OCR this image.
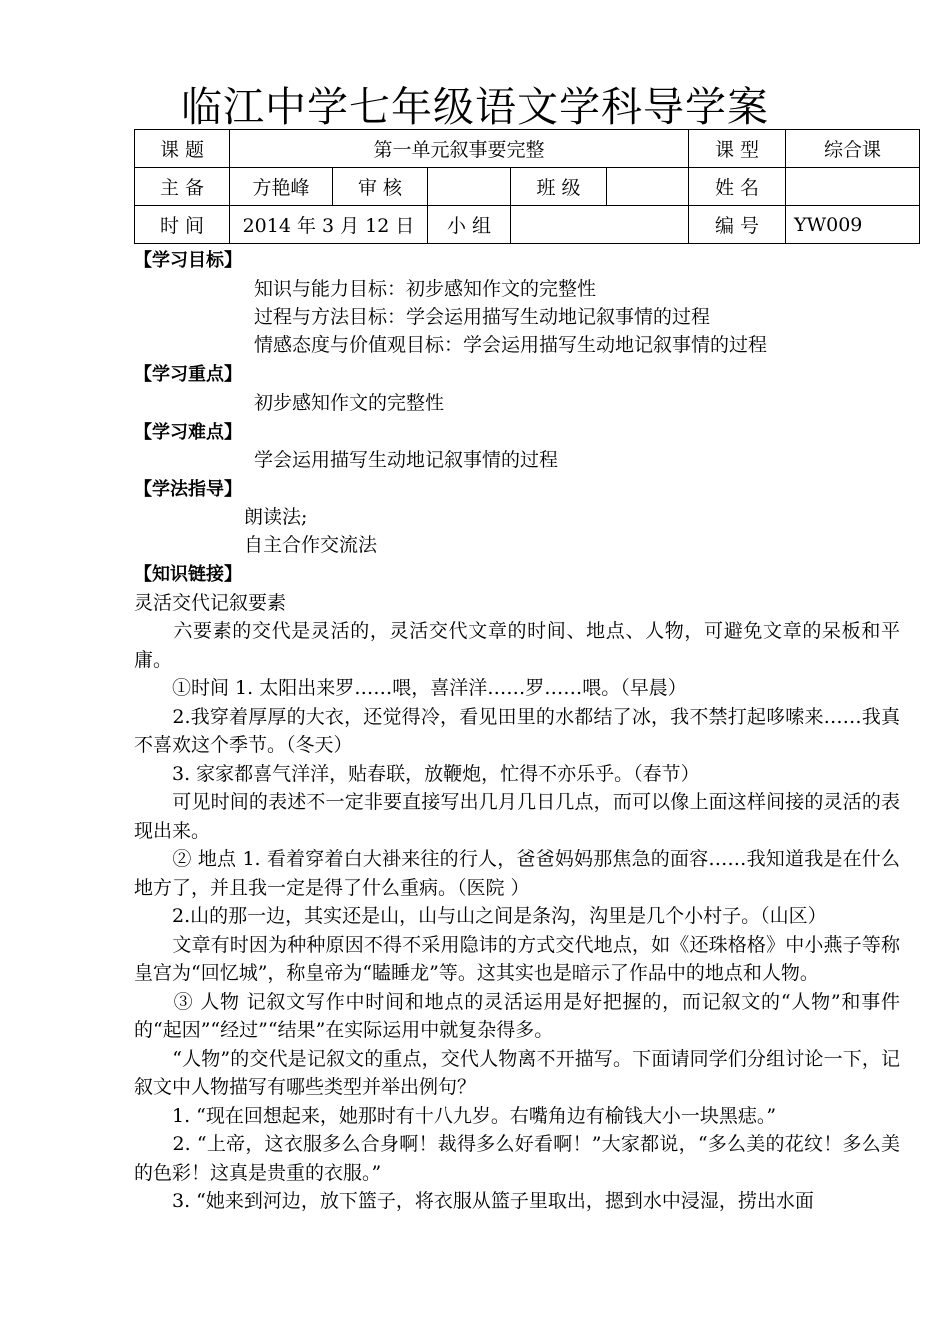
临江中学七年级语文学科导学案
课 题	第一单元叙事要完整					课 型	综合课
主 备	方艳峰	审 核		班 级		姓 名	
时 间	2014 年 3 月 12 日		小 组			编 号	YW009
【学习目标】
知识与能力目标：初步感知作文的完整性
过程与方法目标：学会运用描写生动地记叙事情的过程
情感态度与价值观目标：学会运用描写生动地记叙事情的过程
【学习重点】
初步感知作文的完整性
【学习难点】
学会运用描写生动地记叙事情的过程
【学法指导】
朗读法;
自主合作交流法
【知识链接】
灵活交代记叙要素

　　六要素的交代是灵活的，灵活交代文章的时间、地点、人物，可避免文章的呆板和平庸。

　　①时间 1. 太阳出来罗……喂，喜洋洋……罗……喂。（早晨）

　　2.我穿着厚厚的大衣，还觉得冷，看见田里的水都结了冰，我不禁打起哆嗦来……我真不喜欢这个季节。（冬天）

　　3. 家家都喜气洋洋，贴春联，放鞭炮，忙得不亦乐乎。（春节）

　　可见时间的表述不一定非要直接写出几月几日几点，而可以像上面这样间接的灵活的表现出来。

　　② 地点 1. 看着穿着白大褂来往的行人，爸爸妈妈那焦急的面容……我知道我是在什么地方了，并且我一定是得了什么重病。（医院 ）

　　2.山的那一边，其实还是山，山与山之间是条沟，沟里是几个小村子。（山区）

　　文章有时因为种种原因不得不采用隐讳的方式交代地点，如《还珠格格》中小燕子等称皇宫为“回忆城”，称皇帝为“瞌睡龙”等。这其实也是暗示了作品中的地点和人物。

　　③ 人物 记叙文写作中时间和地点的灵活运用是好把握的，而记叙文的“人物”和事件的“起因”“经过”“结果”在实际运用中就复杂得多。

　　“人物”的交代是记叙文的重点，交代人物离不开描写。下面请同学们分组讨论一下，记叙文中人物描写有哪些类型并举出例句？

　　1. “现在回想起来，她那时有十八九岁。右嘴角边有榆钱大小一块黑痣。”

　　2. “上帝，这衣服多么合身啊！裁得多么好看啊！”大家都说，“多么美的花纹！多么美的色彩！这真是贵重的衣服。”

　　3. “她来到河边，放下篮子，将衣服从篮子里取出，摁到水中浸湿，捞出水面
